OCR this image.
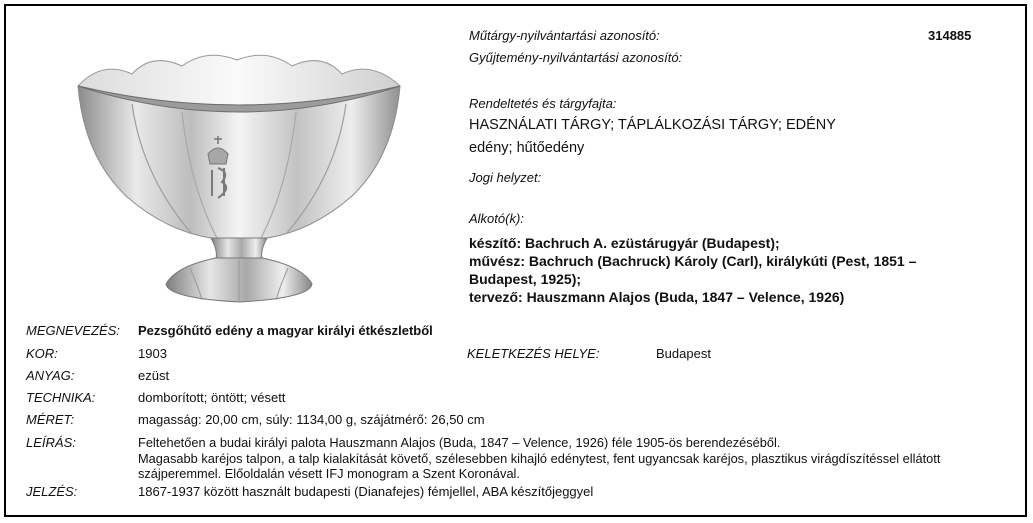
Műtárgy-nyilvántartási azonosító:	314885
Gyűjtemény-nyilvántartási azonosító:
Rendeltetés és tárgyfajta:
HASZNÁLATI TÁRGY; TÁPLÁLKOZÁSI TÁRGY; EDÉNY
edény; hűtőedény
Jogi helyzet:
Alkotó(k):
készítő: Bachruch A. ezüstárugyár (Budapest);
művész: Bachruch (Bachruck) Károly (Carl), királykúti (Pest, 1851 –
Budapest, 1925);
tervező: Hauszmann Alajos (Buda, 1847 – Velence, 1926)
MEGNEVEZÉS: Pezsgőhűtő edény a magyar királyi étkészletből
KOR:	1903	KELETKEZÉS HELYE:	Budapest
ANYAG:	ezüst
TECHNIKA:	domborított; öntött; vésett
MÉRET:	magasság: 20,00 cm, súly: 1134,00 g, szájátmérő: 26,50 cm
LEÍRÁS:	Feltehetően a budai királyi palota Hauszmann Alajos (Buda, 1847 – Velence, 1926) féle 1905-ös berendezéséből.
Magasabb karéjos talpon, a talp kialakítását követő, szélesebben kihajló edénytest, fent ugyancsak karéjos, plasztikus virágdíszítéssel ellátott szájperemmel. Előoldalán vésett IFJ monogram a Szent Koronával.
JELZÉS:	1867-1937 között használt budapesti (Dianafejes) fémjellel, ABA készítőjeggyel
